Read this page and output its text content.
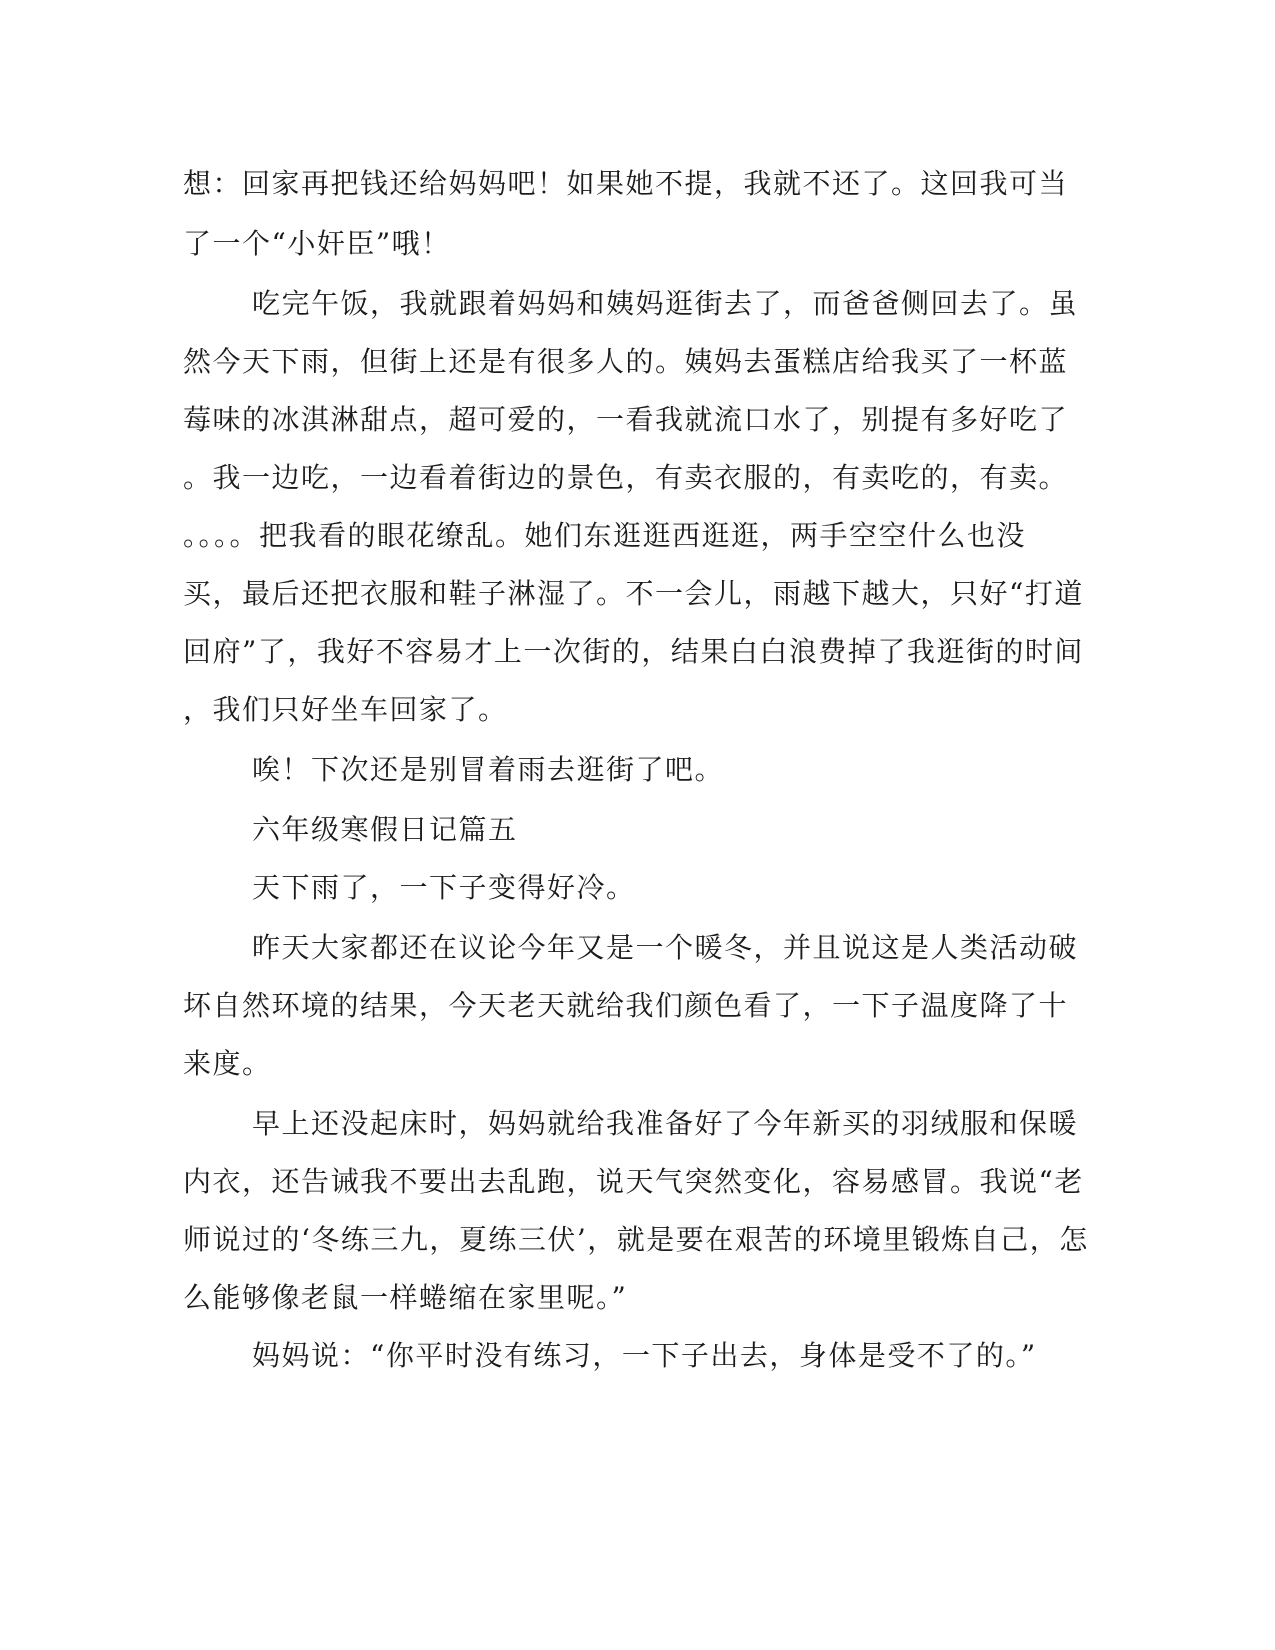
想：回家再把钱还给妈妈吧！如果她不提，我就不还了。这回我可当
了一个“小奸臣”哦！
吃完午饭，我就跟着妈妈和姨妈逛街去了，而爸爸侧回去了。虽
然今天下雨，但街上还是有很多人的。姨妈去蛋糕店给我买了一杯蓝
莓味的冰淇淋甜点，超可爱的，一看我就流口水了，别提有多好吃了
。我一边吃，一边看着街边的景色，有卖衣服的，有卖吃的，有卖。
。。。。把我看的眼花缭乱。她们东逛逛西逛逛，两手空空什么也没
买，最后还把衣服和鞋子淋湿了。不一会儿，雨越下越大，只好“打道
回府”了，我好不容易才上一次街的，结果白白浪费掉了我逛街的时间
，我们只好坐车回家了。
唉！下次还是别冒着雨去逛街了吧。
六年级寒假日记篇五
天下雨了，一下子变得好冷。
昨天大家都还在议论今年又是一个暖冬，并且说这是人类活动破
坏自然环境的结果，今天老天就给我们颜色看了，一下子温度降了十
来度。
早上还没起床时，妈妈就给我准备好了今年新买的羽绒服和保暖
内衣，还告诫我不要出去乱跑，说天气突然变化，容易感冒。我说“老
师说过的‘冬练三九，夏练三伏’，就是要在艰苦的环境里锻炼自己，怎
么能够像老鼠一样蜷缩在家里呢。”
妈妈说：“你平时没有练习，一下子出去，身体是受不了的。”
